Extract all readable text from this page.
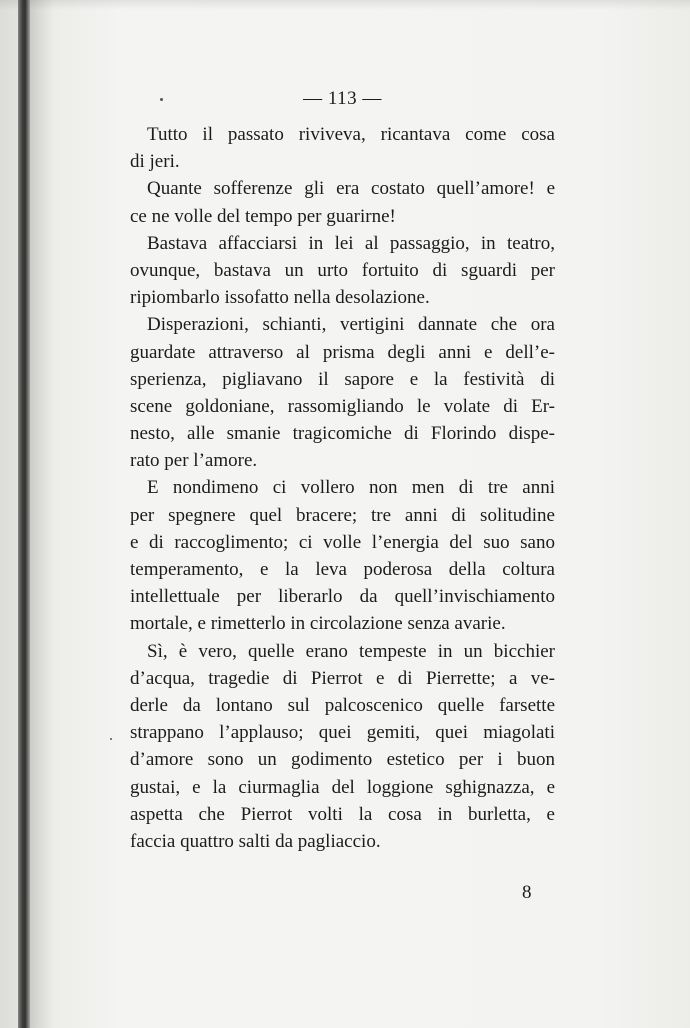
— 113 —
Tutto il passato riviveva, ricantava come cosa
di jeri.
Quante sofferenze gli era costato quell’amore! e
ce ne volle del tempo per guarirne!
Bastava affacciarsi in lei al passaggio, in teatro,
ovunque, bastava un urto fortuito di sguardi per
ripiombarlo issofatto nella desolazione.
Disperazioni, schianti, vertigini dannate che ora
guardate attraverso al prisma degli anni e dell’e-
sperienza, pigliavano il sapore e la festività di
scene goldoniane, rassomigliando le volate di Er-
nesto, alle smanie tragicomiche di Florindo dispe-
rato per l’amore.
E nondimeno ci vollero non men di tre anni
per spegnere quel bracere; tre anni di solitudine
e di raccoglimento; ci volle l’energia del suo sano
temperamento, e la leva poderosa della coltura
intellettuale per liberarlo da quell’invischiamento
mortale, e rimetterlo in circolazione senza avarie.
Sì, è vero, quelle erano tempeste in un bicchier
d’acqua, tragedie di Pierrot e di Pierrette; a ve-
derle da lontano sul palcoscenico quelle farsette
strappano l’applauso; quei gemiti, quei miagolati
d’amore sono un godimento estetico per i buon
gustai, e la ciurmaglia del loggione sghignazza, e
aspetta che Pierrot volti la cosa in burletta, e
faccia quattro salti da pagliaccio.
8
